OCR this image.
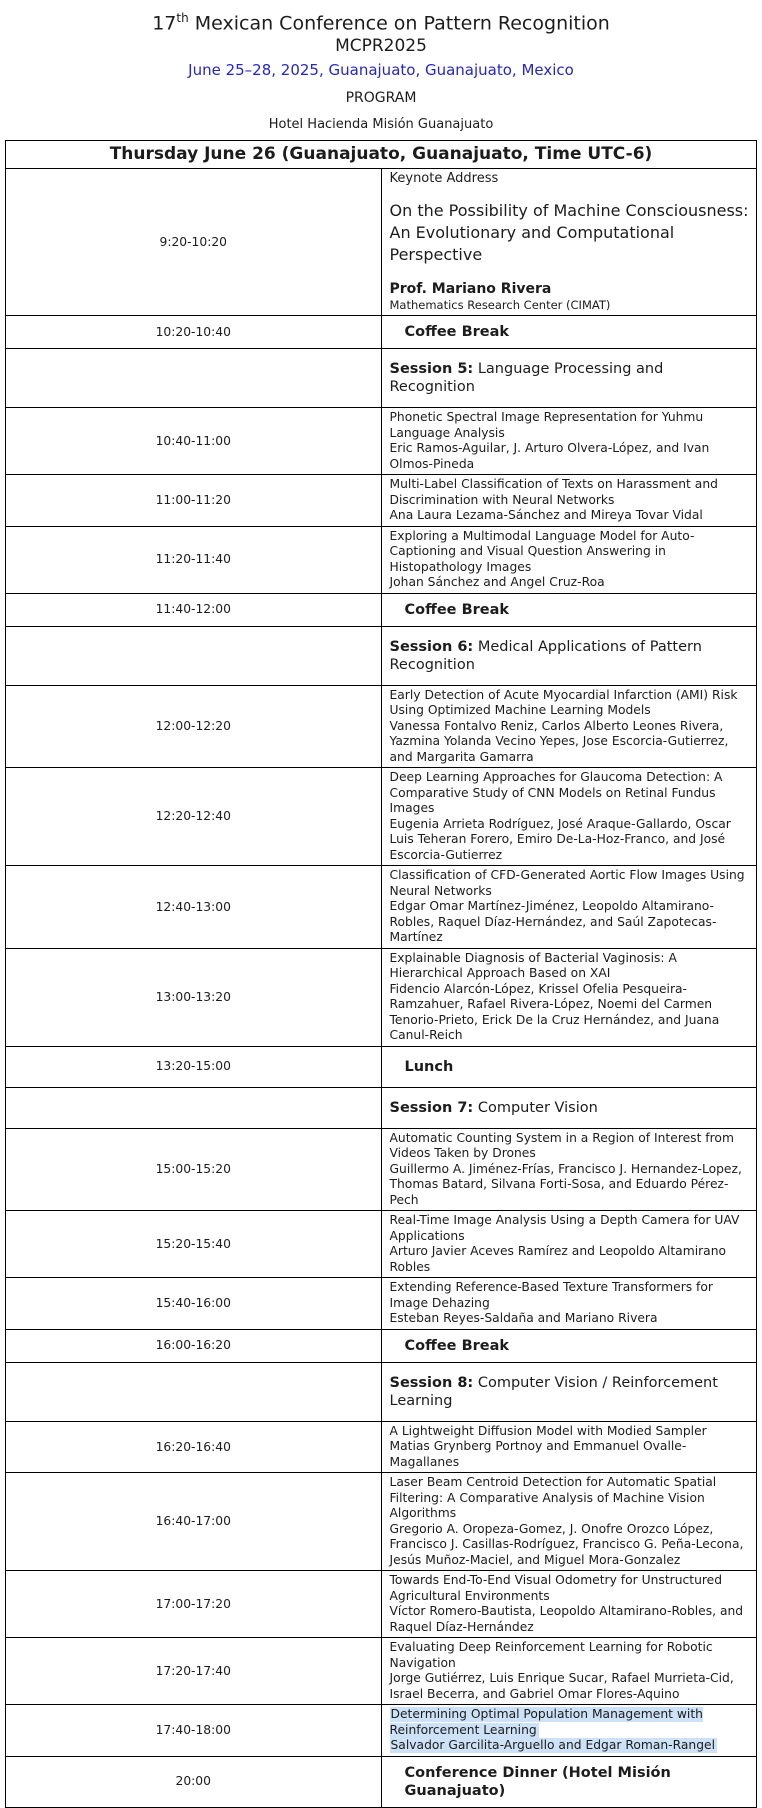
17th Mexican Conference on Pattern Recognition
MCPR2025
June 25–28, 2025, Guanajuato, Guanajuato, Mexico
PROGRAM
Hotel Hacienda Misión Guanajuato
Thursday June 26 (Guanajuato, Guanajuato, Time UTC-6)	
9:20-10:20	Keynote Address
On the Possibility of Machine Consciousness: An Evolutionary and Computational Perspective
Prof. Mariano Rivera
Mathematics Research Center (CIMAT)

10:20-10:40	Coffee Break

	Session 5: Language Processing and Recognition

10:40-11:00	Phonetic Spectral Image Representation for Yuhmu Language Analysis
Eric Ramos-Aguilar, J. Arturo Olvera-López, and Ivan Olmos-Pineda

11:00-11:20	Multi-Label Classification of Texts on Harassment and Discrimination with Neural Networks
Ana Laura Lezama-Sánchez and Mireya Tovar Vidal

11:20-11:40	Exploring a Multimodal Language Model for Auto-Captioning and Visual Question Answering in Histopathology Images
Johan Sánchez and Angel Cruz-Roa

11:40-12:00	Coffee Break

	Session 6: Medical Applications of Pattern Recognition

12:00-12:20	Early Detection of Acute Myocardial Infarction (AMI) Risk Using Optimized Machine Learning Models
Vanessa Fontalvo Reniz, Carlos Alberto Leones Rivera, Yazmina Yolanda Vecino Yepes, Jose Escorcia-Gutierrez, and Margarita Gamarra

12:20-12:40	Deep Learning Approaches for Glaucoma Detection: A Comparative Study of CNN Models on Retinal Fundus Images
Eugenia Arrieta Rodríguez, José Araque-Gallardo, Oscar Luis Teheran Forero, Emiro De-La-Hoz-Franco, and José Escorcia-Gutierrez

12:40-13:00	Classification of CFD-Generated Aortic Flow Images Using Neural Networks
Edgar Omar Martínez-Jiménez, Leopoldo Altamirano-Robles, Raquel Díaz-Hernández, and Saúl Zapotecas-Martínez

13:00-13:20	Explainable Diagnosis of Bacterial Vaginosis: A Hierarchical Approach Based on XAI
Fidencio Alarcón-López, Krissel Ofelia Pesqueira-Ramzahuer, Rafael Rivera-López, Noemi del Carmen Tenorio-Prieto, Erick De la Cruz Hernández, and Juana Canul-Reich

13:20-15:00	Lunch

	Session 7: Computer Vision

15:00-15:20	Automatic Counting System in a Region of Interest from Videos Taken by Drones
Guillermo A. Jiménez-Frías, Francisco J. Hernandez-Lopez, Thomas Batard, Silvana Forti-Sosa, and Eduardo Pérez-Pech

15:20-15:40	Real-Time Image Analysis Using a Depth Camera for UAV Applications
Arturo Javier Aceves Ramírez and Leopoldo Altamirano Robles

15:40-16:00	Extending Reference-Based Texture Transformers for Image Dehazing
Esteban Reyes-Saldaña and Mariano Rivera

16:00-16:20	Coffee Break

	Session 8: Computer Vision / Reinforcement Learning

16:20-16:40	A Lightweight Diffusion Model with Modied Sampler
Matias Grynberg Portnoy and Emmanuel Ovalle-Magallanes

16:40-17:00	Laser Beam Centroid Detection for Automatic Spatial Filtering: A Comparative Analysis of Machine Vision Algorithms
Gregorio A. Oropeza-Gomez, J. Onofre Orozco López, Francisco J. Casillas-Rodríguez, Francisco G. Peña-Lecona, Jesús Muñoz-Maciel, and Miguel Mora-Gonzalez

17:00-17:20	Towards End-To-End Visual Odometry for Unstructured Agricultural Environments
Víctor Romero-Bautista, Leopoldo Altamirano-Robles, and Raquel Díaz-Hernández

17:20-17:40	Evaluating Deep Reinforcement Learning for Robotic Navigation
Jorge Gutiérrez, Luis Enrique Sucar, Rafael Murrieta-Cid, Israel Becerra, and Gabriel Omar Flores-Aquino

17:40-18:00	Determining Optimal Population Management with Reinforcement Learning
Salvador Garcilita-Arguello and Edgar Roman-Rangel

20:00	Conference Dinner (Hotel Misión Guanajuato)
